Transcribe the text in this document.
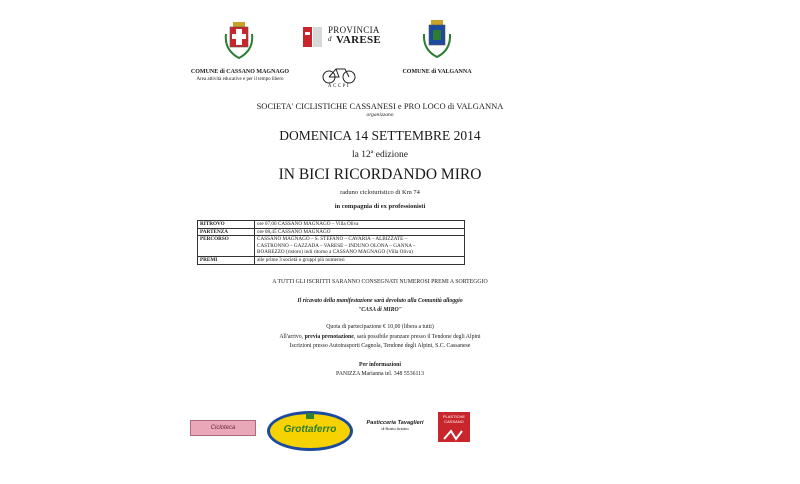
COMUNE di CASSANO MAGNAGO
Area attività educative e per il tempo libero
PROVINCIA
d VARESE
ACCPI
COMUNE di VALGANNA
SOCIETA' CICLISTICHE CASSANESI e PRO LOCO di VALGANNA
organizzano
DOMENICA 14 SETTEMBRE 2014
la 12ª edizione
IN BICI RICORDANDO MIRO
raduno cicloturistico di Km 74
in compagnia di ex professionisti
RITROVO	ore 07,00 CASSANO MAGNAGO – Villa Oliva
PARTENZA	ore 08,45 CASSANO MAGNAGO
PERCORSO	CASSANO MAGNAGO – S. STEFANO – CAVARIA – ALBIZZATE –
CASTRONNO – GAZZADA – VARESE – INDUNO OLONA – GANNA –
BOAREZZO (ristoro) indi ritorno a CASSANO MAGNAGO (Villa Oliva)

PREMI	alle prime 3 società o gruppi più numerosi
A TUTTI GLI ISCRITTI SARANNO CONSEGNATI NUMEROSI PREMI A SORTEGGIO
Il ricavato della manifestazione sarà devoluto alla Comunità alloggio
"CASA di MIRO"
Quota di partecipazione € 10,00 (libera a tutti)
All'arrivo, previa prenotazione, sarà possibile pranzare presso il Tendone degli Alpini
Iscrizioni presso Autotrasporti Cagnola, Tendone degli Alpini, S.C. Cassanese
Per informazioni
PANIZZA Marianna tel. 348 5536113
Cicloteca	Grottaferro
Pasticceria Tavaglieri
di Busto Arsizio
PLASTICHE
CASSANO
